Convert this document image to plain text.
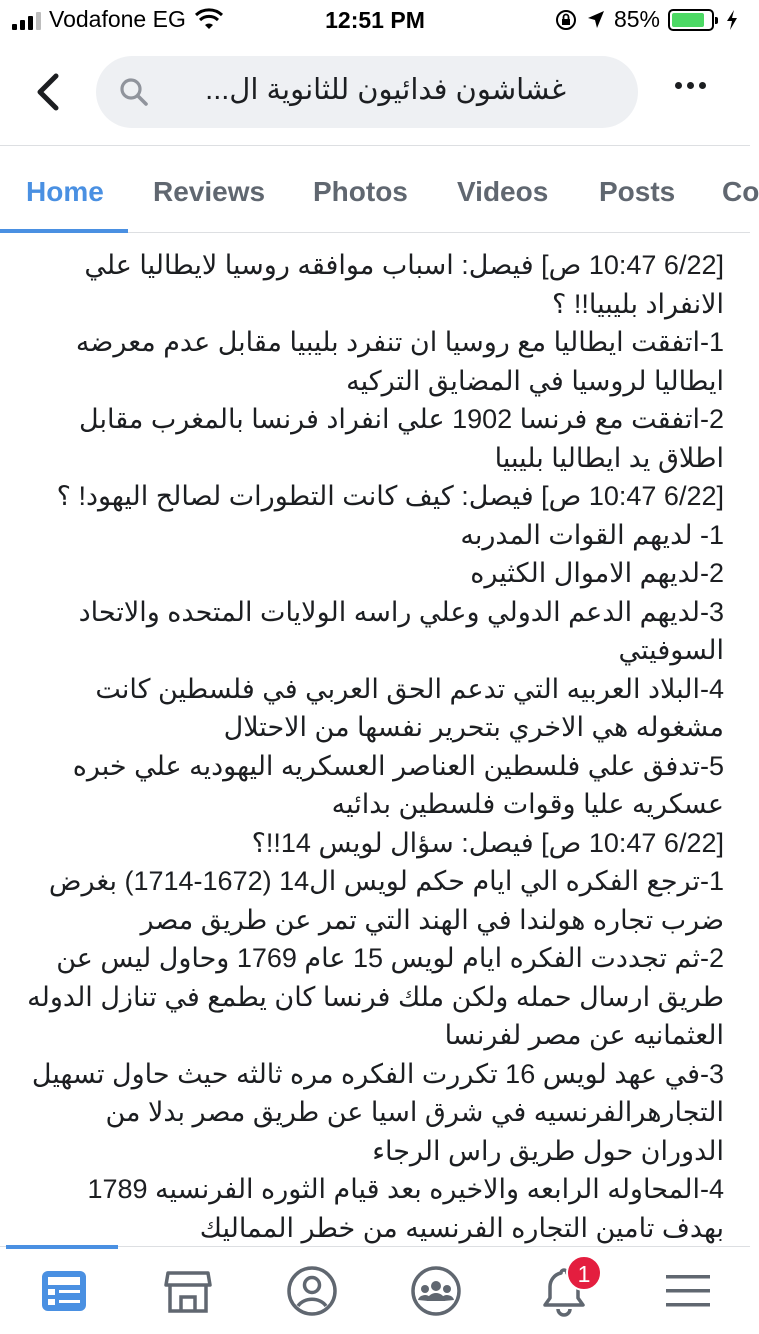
Vodafone EG	12:51 PM	85%
غشاشون فدائيون للثانوية ال...
Home Reviews Photos Videos Posts Co

[6/22 10:47 ص] فيصل: اسباب موافقه روسيا لايطاليا علي الانفراد بليبيا!! ؟

1-اتفقت ايطاليا مع روسيا ان تنفرد بليبيا مقابل عدم معرضه ايطاليا لروسيا في المضايق التركيه

2-اتفقت مع فرنسا 1902 علي انفراد فرنسا بالمغرب مقابل اطلاق يد ايطاليا بليبيا

[6/22 10:47 ص] فيصل: كيف كانت التطورات لصالح اليهود! ؟

1- لديهم القوات المدربه

2-لديهم الاموال الكثيره

3-لديهم الدعم الدولي وعلي راسه الولايات المتحده والاتحاد السوفيتي

4-البلاد العربيه التي تدعم الحق العربي في فلسطين كانت مشغوله هي الاخري بتحرير نفسها من الاحتلال

5-تدفق علي فلسطين العناصر العسكريه اليهوديه علي خبره عسكريه عليا وقوات فلسطين بدائيه

[6/22 10:47 ص] فيصل: سؤال لويس 14!!؟

1-ترجع الفكره الي ايام حكم لويس ال14 (1672-1714) بغرض ضرب تجاره هولندا في الهند التي تمر عن طريق مصر

2-ثم تجددت الفكره ايام لويس 15 عام 1769 وحاول ليس عن طريق ارسال حمله ولكن ملك فرنسا كان يطمع في تنازل الدوله العثمانيه عن مصر لفرنسا

3-في عهد لويس 16 تكررت الفكره مره ثالثه حيث حاول تسهيل التجارهرالفرنسيه في شرق اسيا عن طريق مصر بدلا من الدوران حول طريق راس الرجاء

4-المحاوله الرابعه والاخيره بعد قيام الثوره الفرنسيه 1789 بهدف تامين التجاره الفرنسيه من خطر المماليك

1
